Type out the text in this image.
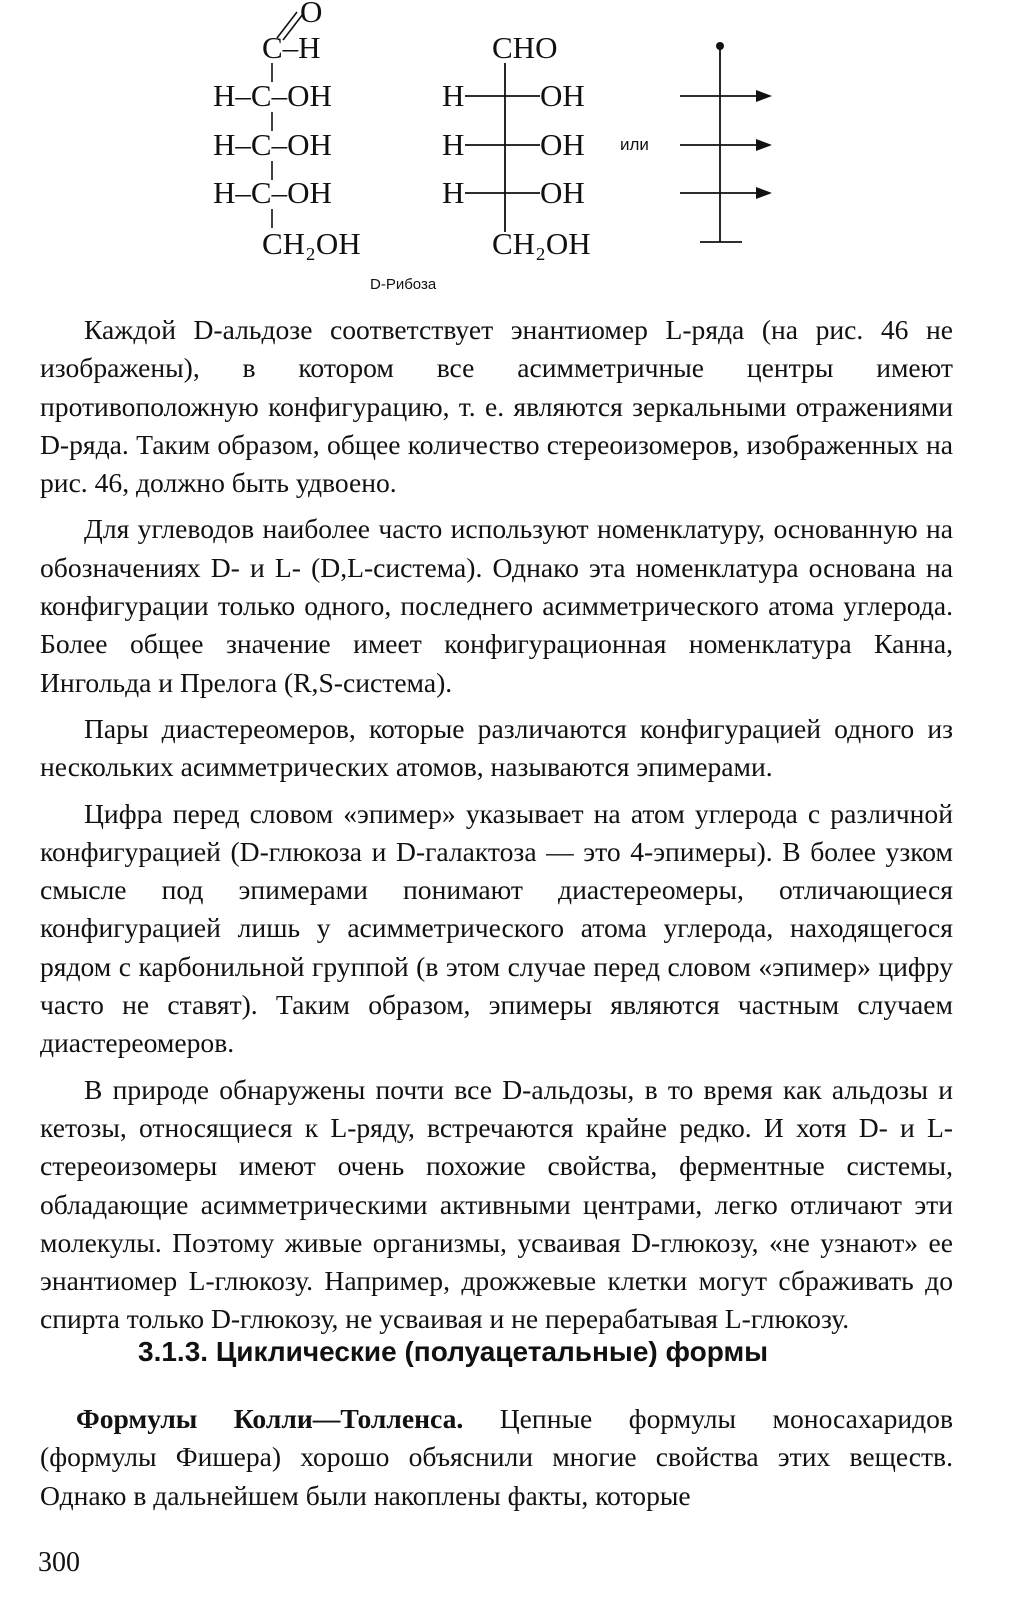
O
C–H
H–C–OH
H–C–OH
H–C–OH
CH₂OH
CHO
H OH
H OH
H OH
CH₂OH
или
D-Рибоза

Каждой D-альдозе соответствует энантиомер L-ряда (на рис. 46 не изображены), в котором все асимметричные центры имеют противоположную конфигурацию, т. е. являются зеркальными отражениями D-ряда. Таким образом, общее количество стереоизомеров, изображенных на рис. 46, должно быть удвоено.

Для углеводов наиболее часто используют номенклатуру, основанную на обозначениях D- и L- (D,L-система). Однако эта номенклатура основана на конфигурации только одного, последнего асимметрического атома углерода. Более общее значение имеет конфигурационная номенклатура Канна, Ингольда и Прелога (R,S-система).

Пары диастереомеров, которые различаются конфигурацией одного из нескольких асимметрических атомов, называются эпимерами.

Цифра перед словом «эпимер» указывает на атом углерода с различной конфигурацией (D-глюкоза и D-галактоза — это 4-эпимеры). В более узком смысле под эпимерами понимают диастереомеры, отличающиеся конфигурацией лишь у асимметрического атома углерода, находящегося рядом с карбонильной группой (в этом случае перед словом «эпимер» цифру часто не ставят). Таким образом, эпимеры являются частным случаем диастереомеров.

В природе обнаружены почти все D-альдозы, в то время как альдозы и кетозы, относящиеся к L-ряду, встречаются крайне редко. И хотя D- и L-стереоизомеры имеют очень похожие свойства, ферментные системы, обладающие асимметрическими активными центрами, легко отличают эти молекулы. Поэтому живые организмы, усваивая D-глюкозу, «не узнают» ее энантиомер L-глюкозу. Например, дрожжевые клетки могут сбраживать до спирта только D-глюкозу, не усваивая и не перерабатывая L-глюкозу.

3.1.3. Циклические (полуацетальные) формы

Формулы Колли—Толленса. Цепные формулы моносахаридов (формулы Фишера) хорошо объяснили многие свойства этих веществ. Однако в дальнейшем были накоплены факты, которые

300
